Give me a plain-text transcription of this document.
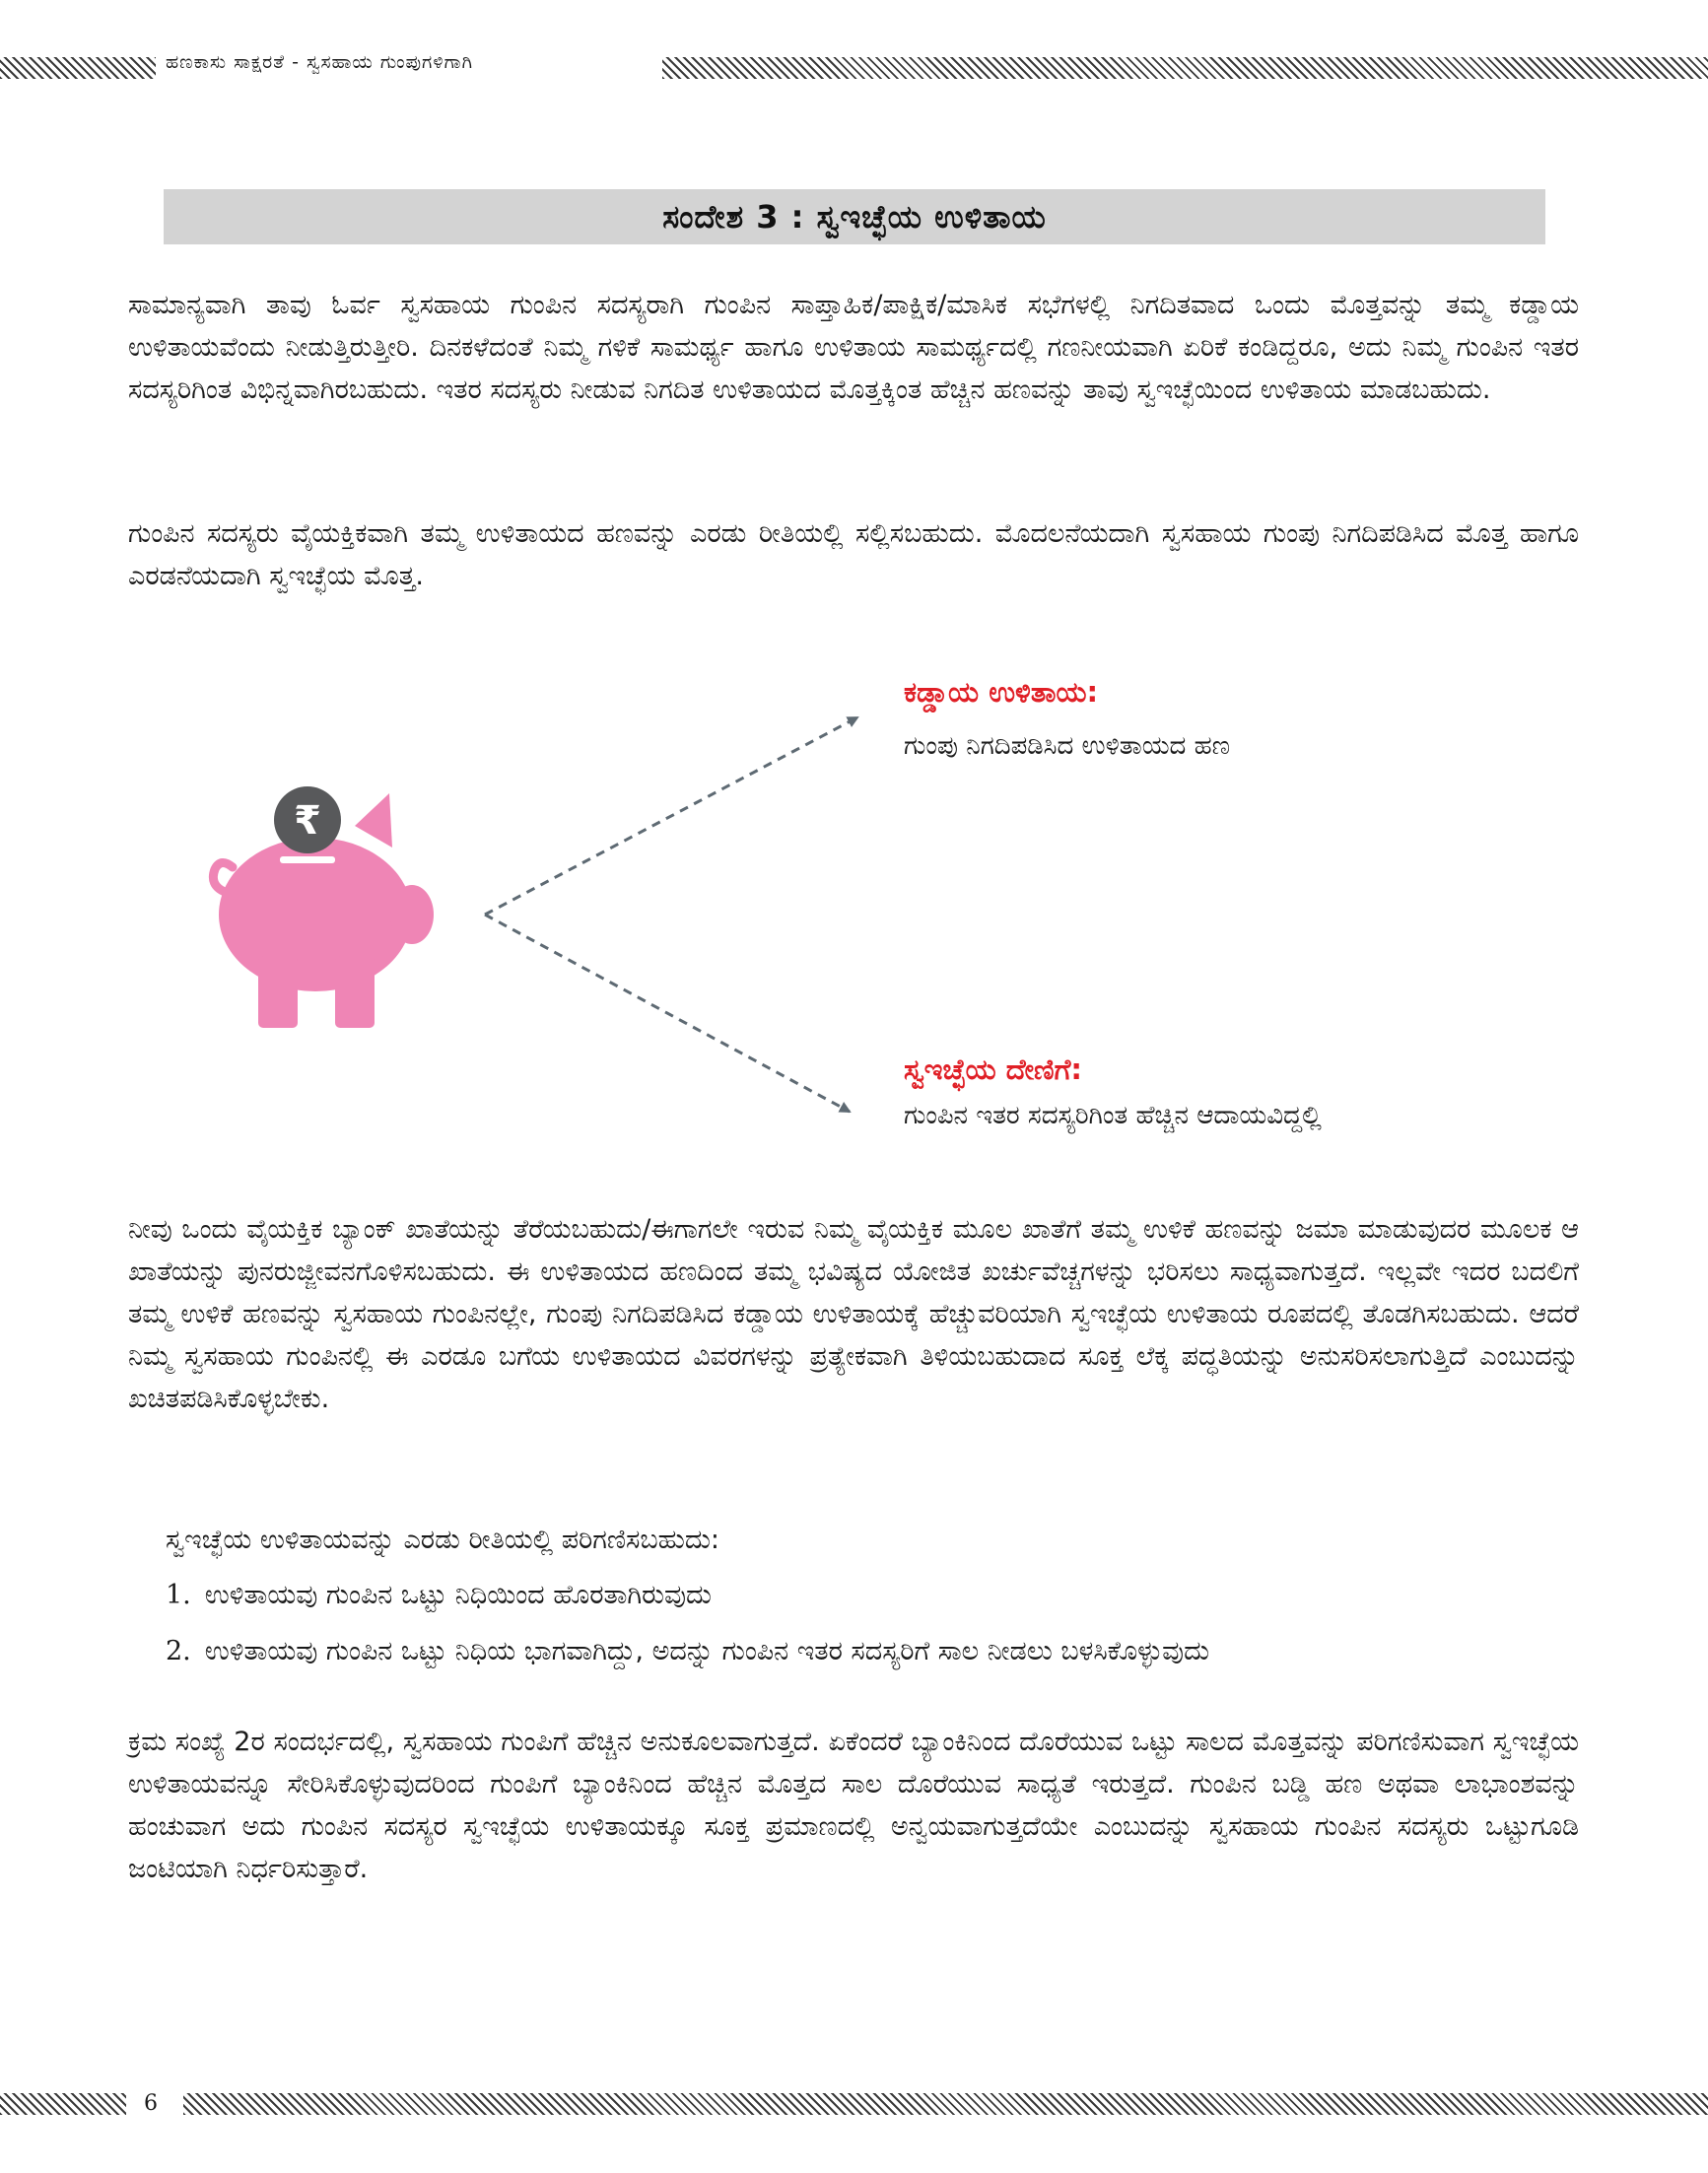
ಹಣಕಾಸು ಸಾಕ್ಷರತೆ - ಸ್ವಸಹಾಯ ಗುಂಪುಗಳಿಗಾಗಿ
ಸಂದೇಶ 3 : ಸ್ವಇಚ್ಛೆಯ ಉಳಿತಾಯ

ಸಾಮಾನ್ಯವಾಗಿ ತಾವು ಓರ್ವ ಸ್ವಸಹಾಯ ಗುಂಪಿನ ಸದಸ್ಯರಾಗಿ ಗುಂಪಿನ ಸಾಪ್ತಾಹಿಕ/ಪಾಕ್ಷಿಕ/ಮಾಸಿಕ ಸಭೆಗಳಲ್ಲಿ ನಿಗದಿತವಾದ ಒಂದು ಮೊತ್ತವನ್ನು ತಮ್ಮ ಕಡ್ಡಾಯ ಉಳಿತಾಯವೆಂದು ನೀಡುತ್ತಿರುತ್ತೀರಿ. ದಿನಕಳೆದಂತೆ ನಿಮ್ಮ ಗಳಿಕೆ ಸಾಮರ್ಥ್ಯ ಹಾಗೂ ಉಳಿತಾಯ ಸಾಮರ್ಥ್ಯದಲ್ಲಿ ಗಣನೀಯವಾಗಿ ಏರಿಕೆ ಕಂಡಿದ್ದರೂ, ಅದು ನಿಮ್ಮ ಗುಂಪಿನ ಇತರ ಸದಸ್ಯರಿಗಿಂತ ವಿಭಿನ್ನವಾಗಿರಬಹುದು. ಇತರ ಸದಸ್ಯರು ನೀಡುವ ನಿಗದಿತ ಉಳಿತಾಯದ ಮೊತ್ತಕ್ಕಿಂತ ಹೆಚ್ಚಿನ ಹಣವನ್ನು ತಾವು ಸ್ವಇಚ್ಛೆಯಿಂದ ಉಳಿತಾಯ ಮಾಡಬಹುದು.

ಗುಂಪಿನ ಸದಸ್ಯರು ವೈಯಕ್ತಿಕವಾಗಿ ತಮ್ಮ ಉಳಿತಾಯದ ಹಣವನ್ನು ಎರಡು ರೀತಿಯಲ್ಲಿ ಸಲ್ಲಿಸಬಹುದು. ಮೊದಲನೆಯದಾಗಿ ಸ್ವಸಹಾಯ ಗುಂಪು ನಿಗದಿಪಡಿಸಿದ ಮೊತ್ತ ಹಾಗೂ ಎರಡನೆಯದಾಗಿ ಸ್ವಇಚ್ಛೆಯ ಮೊತ್ತ.

₹
ಕಡ್ಡಾಯ ಉಳಿತಾಯ:
ಗುಂಪು ನಿಗದಿಪಡಿಸಿದ ಉಳಿತಾಯದ ಹಣ
ಸ್ವಇಚ್ಛೆಯ ದೇಣಿಗೆ:
ಗುಂಪಿನ ಇತರ ಸದಸ್ಯರಿಗಿಂತ ಹೆಚ್ಚಿನ ಆದಾಯವಿದ್ದಲ್ಲಿ

ನೀವು ಒಂದು ವೈಯಕ್ತಿಕ ಬ್ಯಾಂಕ್ ಖಾತೆಯನ್ನು ತೆರೆಯಬಹುದು/ಈಗಾಗಲೇ ಇರುವ ನಿಮ್ಮ ವೈಯಕ್ತಿಕ ಮೂಲ ಖಾತೆಗೆ ತಮ್ಮ ಉಳಿಕೆ ಹಣವನ್ನು ಜಮಾ ಮಾಡುವುದರ ಮೂಲಕ ಆ ಖಾತೆಯನ್ನು ಪುನರುಜ್ಜೀವನಗೊಳಿಸಬಹುದು. ಈ ಉಳಿತಾಯದ ಹಣದಿಂದ ತಮ್ಮ ಭವಿಷ್ಯದ ಯೋಜಿತ ಖರ್ಚುವೆಚ್ಚಗಳನ್ನು ಭರಿಸಲು ಸಾಧ್ಯವಾಗುತ್ತದೆ. ಇಲ್ಲವೇ ಇದರ ಬದಲಿಗೆ ತಮ್ಮ ಉಳಿಕೆ ಹಣವನ್ನು ಸ್ವಸಹಾಯ ಗುಂಪಿನಲ್ಲೇ, ಗುಂಪು ನಿಗದಿಪಡಿಸಿದ ಕಡ್ಡಾಯ ಉಳಿತಾಯಕ್ಕೆ ಹೆಚ್ಚುವರಿಯಾಗಿ ಸ್ವಇಚ್ಛೆಯ ಉಳಿತಾಯ ರೂಪದಲ್ಲಿ ತೊಡಗಿಸಬಹುದು. ಆದರೆ ನಿಮ್ಮ ಸ್ವಸಹಾಯ ಗುಂಪಿನಲ್ಲಿ ಈ ಎರಡೂ ಬಗೆಯ ಉಳಿತಾಯದ ವಿವರಗಳನ್ನು ಪ್ರತ್ಯೇಕವಾಗಿ ತಿಳಿಯಬಹುದಾದ ಸೂಕ್ತ ಲೆಕ್ಕ ಪದ್ಧತಿಯನ್ನು ಅನುಸರಿಸಲಾಗುತ್ತಿದೆ ಎಂಬುದನ್ನು ಖಚಿತಪಡಿಸಿಕೊಳ್ಳಬೇಕು.

ಸ್ವಇಚ್ಛೆಯ ಉಳಿತಾಯವನ್ನು ಎರಡು ರೀತಿಯಲ್ಲಿ ಪರಿಗಣಿಸಬಹುದು:
1. ಉಳಿತಾಯವು ಗುಂಪಿನ ಒಟ್ಟು ನಿಧಿಯಿಂದ ಹೊರತಾಗಿರುವುದು
2. ಉಳಿತಾಯವು ಗುಂಪಿನ ಒಟ್ಟು ನಿಧಿಯ ಭಾಗವಾಗಿದ್ದು, ಅದನ್ನು ಗುಂಪಿನ ಇತರ ಸದಸ್ಯರಿಗೆ ಸಾಲ ನೀಡಲು ಬಳಸಿಕೊಳ್ಳುವುದು

ಕ್ರಮ ಸಂಖ್ಯೆ 2ರ ಸಂದರ್ಭದಲ್ಲಿ, ಸ್ವಸಹಾಯ ಗುಂಪಿಗೆ ಹೆಚ್ಚಿನ ಅನುಕೂಲವಾಗುತ್ತದೆ. ಏಕೆಂದರೆ ಬ್ಯಾಂಕಿನಿಂದ ದೊರೆಯುವ ಒಟ್ಟು ಸಾಲದ ಮೊತ್ತವನ್ನು ಪರಿಗಣಿಸುವಾಗ ಸ್ವಇಚ್ಛೆಯ ಉಳಿತಾಯವನ್ನೂ ಸೇರಿಸಿಕೊಳ್ಳುವುದರಿಂದ ಗುಂಪಿಗೆ ಬ್ಯಾಂಕಿನಿಂದ ಹೆಚ್ಚಿನ ಮೊತ್ತದ ಸಾಲ ದೊರೆಯುವ ಸಾಧ್ಯತೆ ಇರುತ್ತದೆ. ಗುಂಪಿನ ಬಡ್ಡಿ ಹಣ ಅಥವಾ ಲಾಭಾಂಶವನ್ನು ಹಂಚುವಾಗ ಅದು ಗುಂಪಿನ ಸದಸ್ಯರ ಸ್ವಇಚ್ಛೆಯ ಉಳಿತಾಯಕ್ಕೂ ಸೂಕ್ತ ಪ್ರಮಾಣದಲ್ಲಿ ಅನ್ವಯವಾಗುತ್ತದೆಯೇ ಎಂಬುದನ್ನು ಸ್ವಸಹಾಯ ಗುಂಪಿನ ಸದಸ್ಯರು ಒಟ್ಟುಗೂಡಿ ಜಂಟಿಯಾಗಿ ನಿರ್ಧರಿಸುತ್ತಾರೆ.

6
